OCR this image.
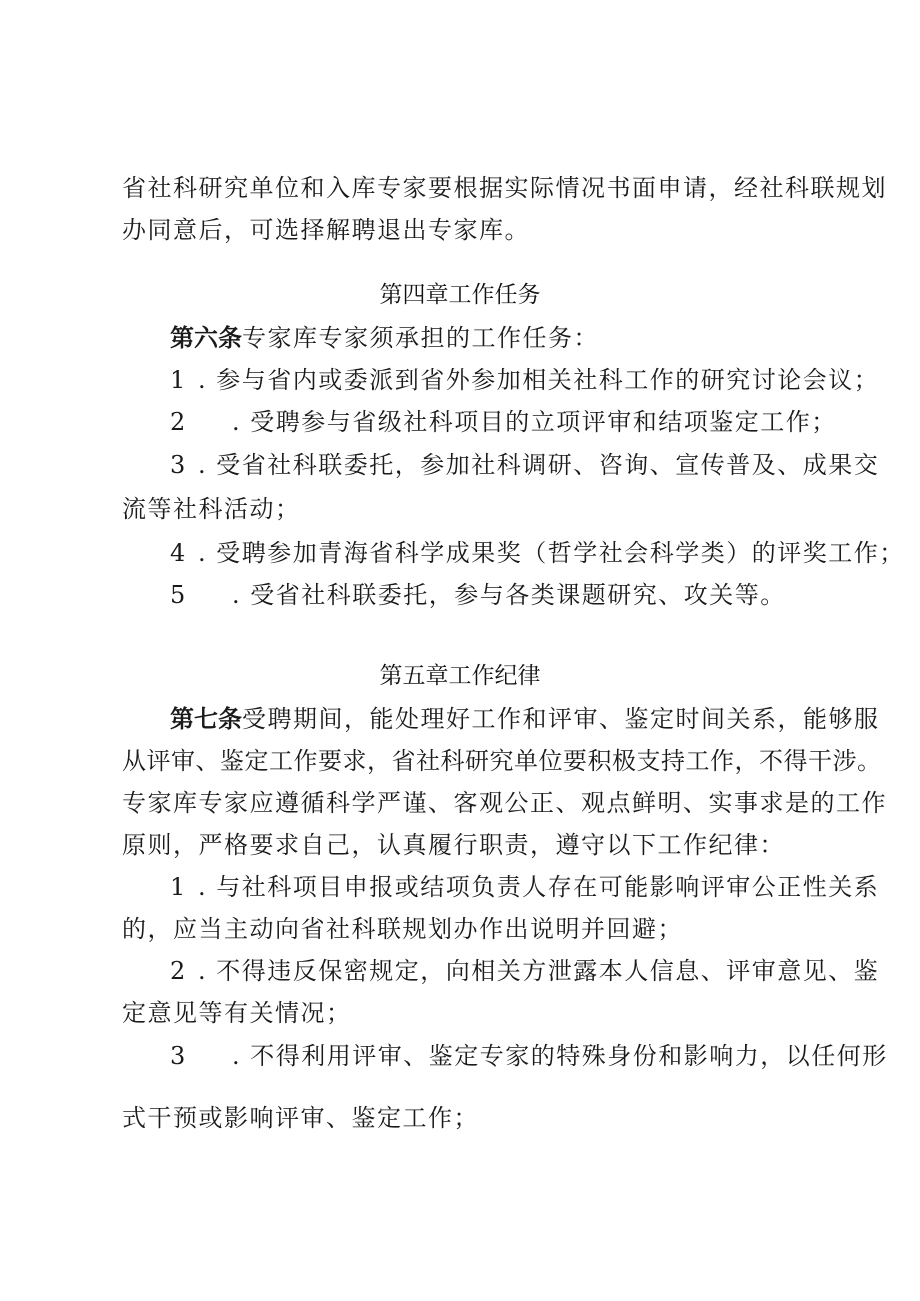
省社科研究单位和入库专家要根据实际情况书面申请，经社科联规划
办同意后，可选择解聘退出专家库。
第四章工作任务
第六条专家库专家须承担的工作任务：
1 . 参与省内或委派到省外参加相关社科工作的研究讨论会议；
2 . 受聘参与省级社科项目的立项评审和结项鉴定工作；
3 . 受省社科联委托，参加社科调研、咨询、宣传普及、成果交
流等社科活动；
4 . 受聘参加青海省科学成果奖（哲学社会科学类）的评奖工作；
5 . 受省社科联委托，参与各类课题研究、攻关等。
第五章工作纪律
第七条受聘期间，能处理好工作和评审、鉴定时间关系，能够服
从评审、鉴定工作要求，省社科研究单位要积极支持工作，不得干涉。
专家库专家应遵循科学严谨、客观公正、观点鲜明、实事求是的工作
原则，严格要求自己，认真履行职责，遵守以下工作纪律：
1 . 与社科项目申报或结项负责人存在可能影响评审公正性关系
的，应当主动向省社科联规划办作出说明并回避；
2 . 不得违反保密规定，向相关方泄露本人信息、评审意见、鉴
定意见等有关情况；
3 . 不得利用评审、鉴定专家的特殊身份和影响力，以任何形
式干预或影响评审、鉴定工作；
